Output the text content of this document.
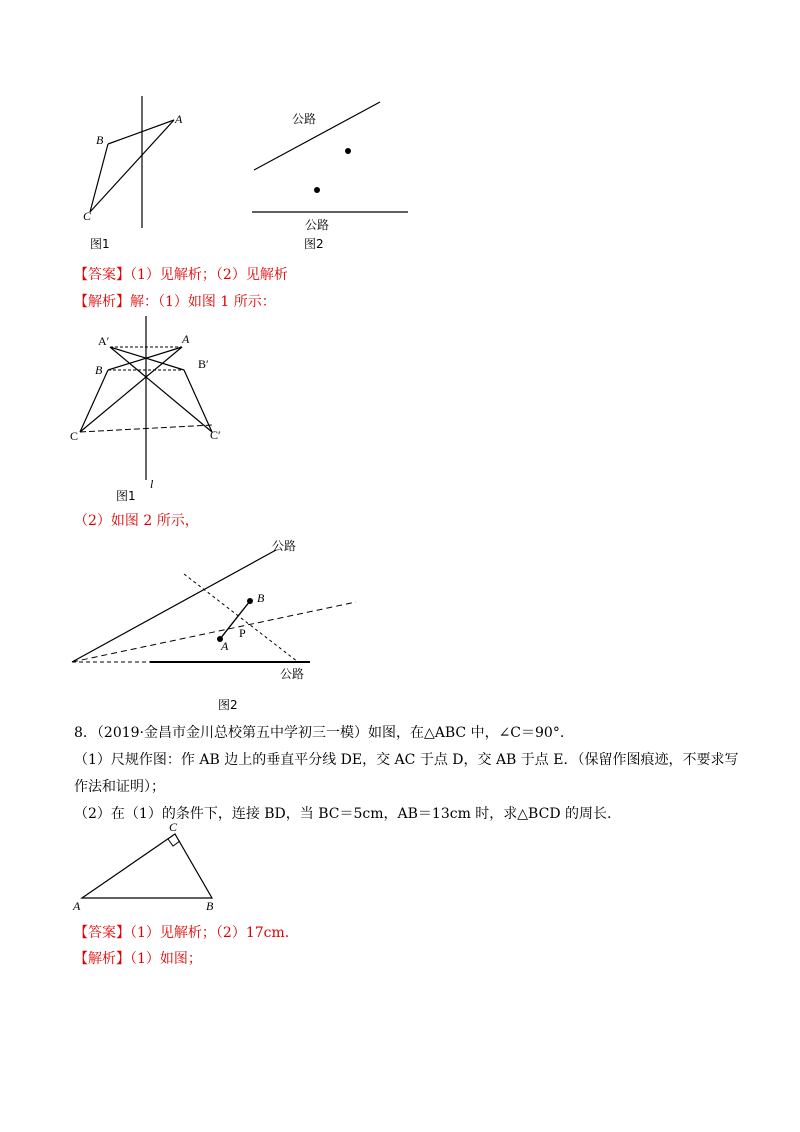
B
A
C
图1
公路
公路
图2
【答案】（1）见解析；（2）见解析
【解析】解：（1）如图 1 所示：
A′	A
B	B′
C	C′
l
图1
（2）如图 2 所示，
公路
公路
B
A
P
图2
8．（2019·金昌市金川总校第五中学初三一模）如图，在△ABC 中，∠C＝90°.
（1）尺规作图：作 AB 边上的垂直平分线 DE，交 AC 于点 D，交 AB 于点 E．（保留作图痕迹，不要求写
作法和证明）；
（2）在（1）的条件下，连接 BD，当 BC＝5cm，AB＝13cm 时，求△BCD 的周长.
A	B
C
【答案】（1）见解析；（2）17cm.
【解析】（1）如图；
